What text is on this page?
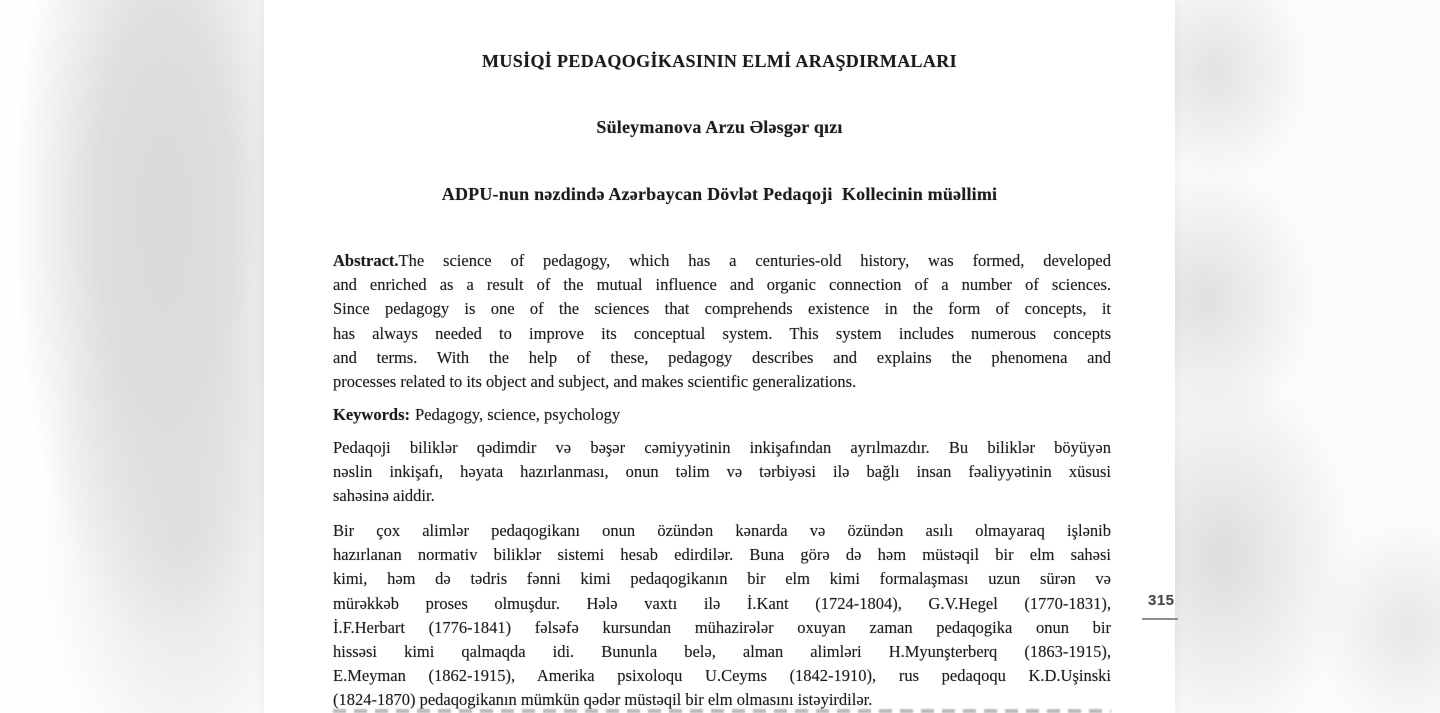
MUSİQİ PEDAQOGİKASININ ELMİ ARAŞDIRMALARI
Süleymanova Arzu Ələsgər qızı
ADPU-nun nəzdində Azərbaycan Dövlət Pedaqoji  Kollecinin müəllimi
Abstract.The science of pedagogy, which has a centuries-old history, was formed, developed
and enriched as a result of the mutual influence and organic connection of a number of sciences.
Since pedagogy is one of the sciences that comprehends existence in the form of concepts, it
has always needed to improve its conceptual system. This system includes numerous concepts
and terms. With the help of these, pedagogy describes and explains the phenomena and
processes related to its object and subject, and makes scientific generalizations.
Keywords: Pedagogy, science, psychology
Pedaqoji biliklər qədimdir və bəşər cəmiyyətinin inkişafından ayrılmazdır. Bu biliklər böyüyən
nəslin inkişafı, həyata hazırlanması, onun təlim və tərbiyəsi ilə bağlı insan fəaliyyətinin xüsusi
sahəsinə aiddir.
Bir çox alimlər pedaqogikanı onun özündən kənarda və özündən asılı olmayaraq işlənib
hazırlanan normativ biliklər sistemi hesab edirdilər. Buna görə də həm müstəqil bir elm sahəsi
kimi, həm də tədris fənni kimi pedaqogikanın bir elm kimi formalaşması uzun sürən və
mürəkkəb proses olmuşdur. Hələ vaxtı ilə İ.Kant (1724-1804), G.V.Hegel (1770-1831),
İ.F.Herbart (1776-1841) fəlsəfə kursundan mühazirələr oxuyan zaman pedaqogika onun bir
hissəsi kimi qalmaqda idi. Bununla belə, alman alimləri H.Myunşterberq (1863-1915),
E.Meyman (1862-1915), Amerika psixoloqu U.Ceyms (1842-1910), rus pedaqoqu K.D.Uşinski
(1824-1870) pedaqogikanın mümkün qədər müstəqil bir elm olmasını istəyirdilər.
315
